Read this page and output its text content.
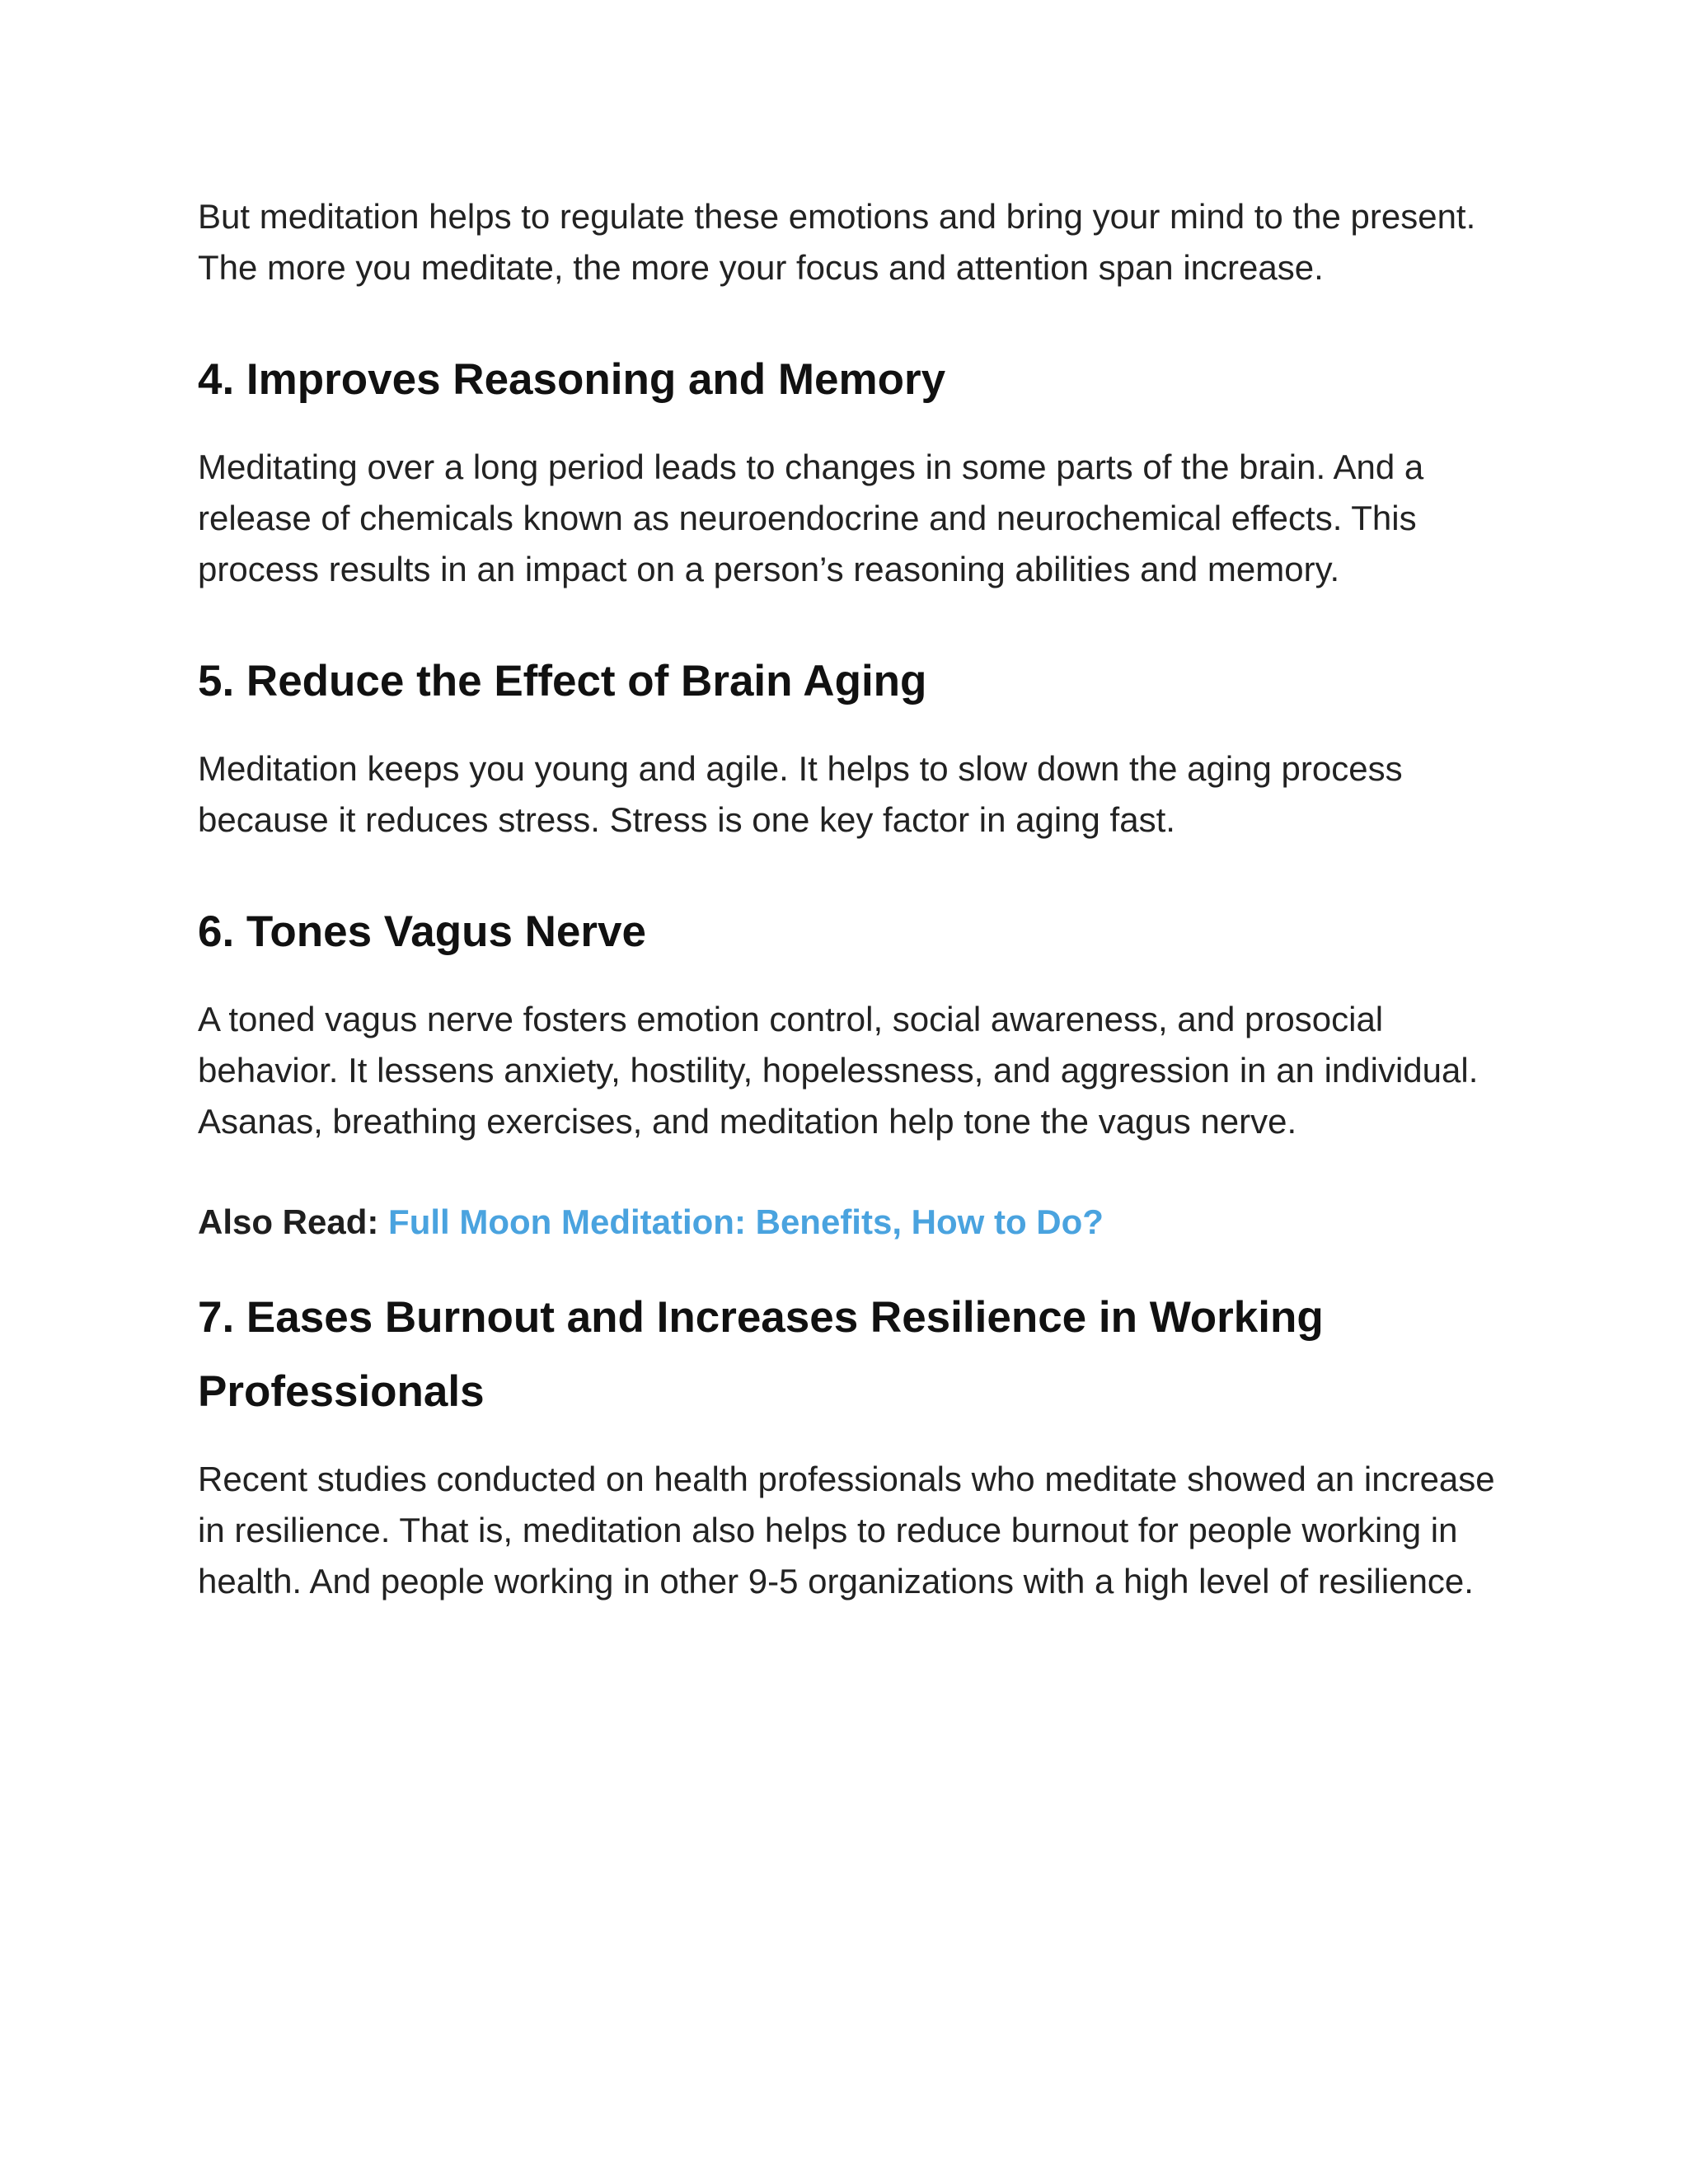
But meditation helps to regulate these emotions and bring your mind to the present. The more you meditate, the more your focus and attention span increase.

4. Improves Reasoning and Memory

Meditating over a long period leads to changes in some parts of the brain. And a release of chemicals known as neuroendocrine and neurochemical effects. This process results in an impact on a person’s reasoning abilities and memory.

5. Reduce the Effect of Brain Aging

Meditation keeps you young and agile. It helps to slow down the aging process because it reduces stress. Stress is one key factor in aging fast.

6. Tones Vagus Nerve

A toned vagus nerve fosters emotion control, social awareness, and prosocial behavior. It lessens anxiety, hostility, hopelessness, and aggression in an individual. Asanas, breathing exercises, and meditation help tone the vagus nerve.

Also Read: Full Moon Meditation: Benefits, How to Do?
7. Eases Burnout and Increases Resilience in Working Professionals

Recent studies conducted on health professionals who meditate showed an increase in resilience. That is, meditation also helps to reduce burnout for people working in health. And people working in other 9-5 organizations with a high level of resilience.
